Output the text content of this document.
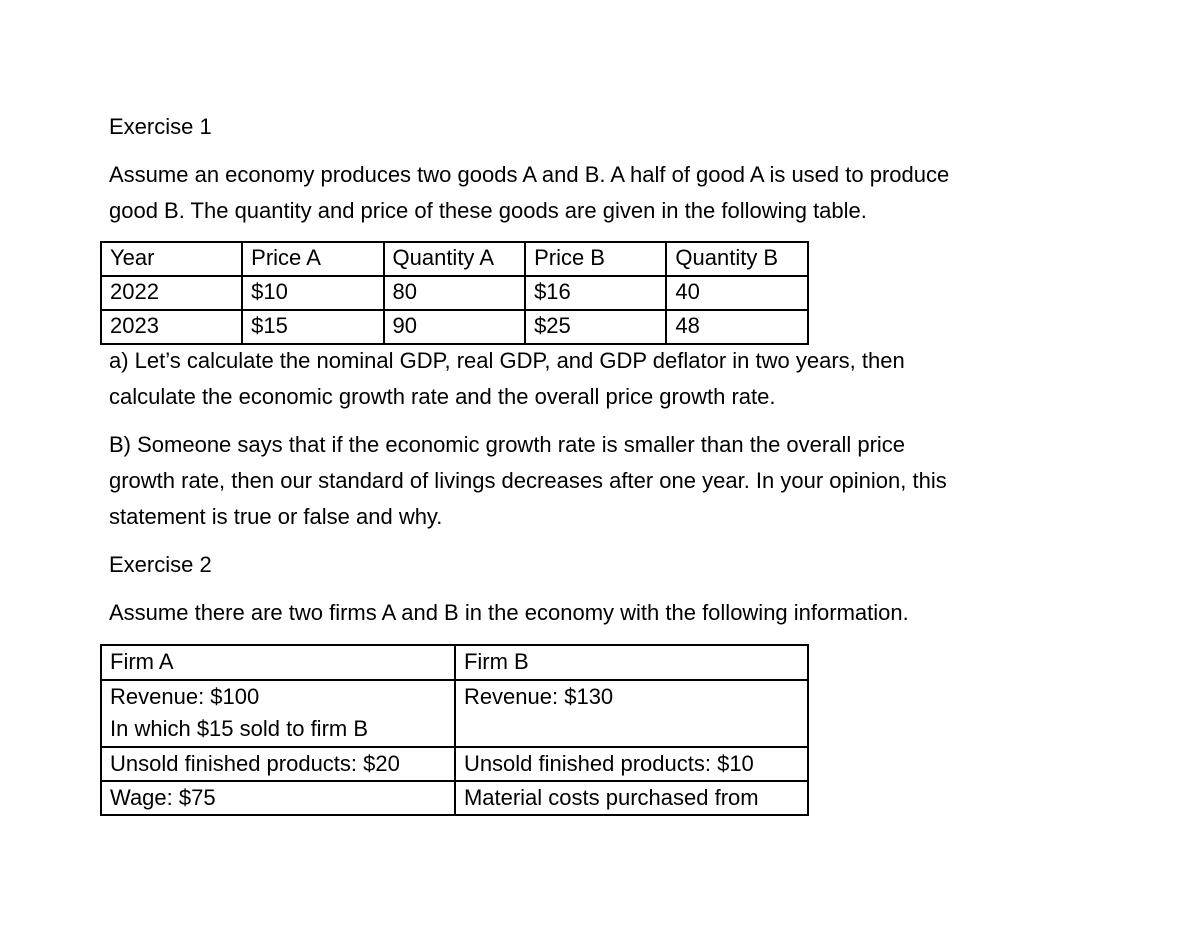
Exercise 1
Assume an economy produces two goods A and B. A half of good A is used to produce
good B. The quantity and price of these goods are given in the following table.
Year	Price A	Quantity A	Price B	Quantity B
2022	$10	80	$16	40
2023	$15	90	$25	48
a) Let’s calculate the nominal GDP, real GDP, and GDP deflator in two years, then
calculate the economic growth rate and the overall price growth rate.
B) Someone says that if the economic growth rate is smaller than the overall price
growth rate, then our standard of livings decreases after one year. In your opinion, this
statement is true or false and why.
Exercise 2
Assume there are two firms A and B in the economy with the following information.
Firm A	Firm B

Revenue: $100
In which $15 sold to firm B	Revenue: $130

Unsold finished products: $20	Unsold finished products: $10

Wage: $75	Material costs purchased from
